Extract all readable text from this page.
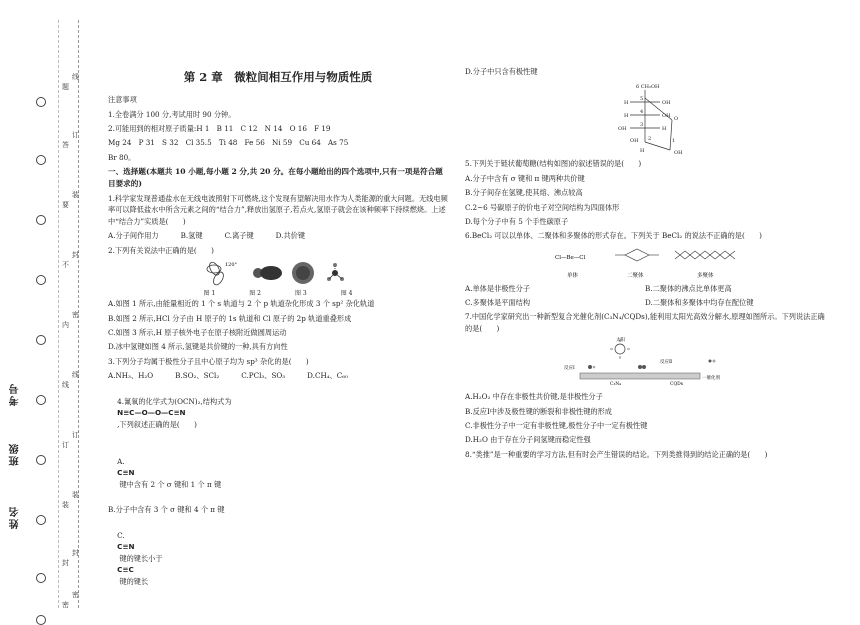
线
题
订
答
装
要
封
不
密
内
线
线
订
订
装
装
封
封
密
密
考号
班级
姓名
第 2 章　微粒间相互作用与物质性质
注意事项
1.全卷满分 100 分,考试用时 90 分钟。
2.可能用到的相对原子质量:H 1　B 11　C 12　N 14　O 16　F 19
Mg 24　P 31　S 32　Cl 35.5　Ti 48　Fe 56　Ni 59　Cu 64　As 75
Br 80。
一、选择题(本题共 10 小题,每小题 2 分,共 20 分。在每小题给出的四个选项中,只有一项是符合题目要求的)
1.科学家发现普通盐水在无线电波照射下可燃烧,这个发现有望解决用水作为人类能源的重大问题。无线电频率可以降低盐水中所含元素之间的“结合力”,释放出氢原子,若点火,氢原子就会在该种频率下持续燃烧。上述中“结合力”实质是(　　)
A.分子间作用力	B.氢键	C.离子键	D.共价键
2.下列有关说法中正确的是(　　)
120°
图 1	图 2	图 3	图 4
A.如图 1 所示,由能量相近的 1 个 s 轨道与 2 个 p 轨道杂化形成 3 个 sp² 杂化轨道
B.如图 2 所示,HCl 分子由 H 原子的 1s 轨道和 Cl 原子的 2p 轨道重叠形成
C.如图 3 所示,H 原子核外电子在原子核附近做圆周运动
D.冰中氢键如图 4 所示,氢键是共价键的一种,具有方向性
3.下列分子均属于极性分子且中心原子均为 sp³ 杂化的是(　　)
A.NH₃、H₂O	B.SO₂、SCl₂	C.PCl₃、SO₃	D.CH₄、C₆₀

4.氰氧的化学式为(OCN)₂,结构式为
N≡C—O—O—C≡N
,下列叙述正确的是(　　)

A.
C≡N
键中含有 2 个 σ 键和 1 个 π 键

B.分子中含有 3 个 σ 键和 4 个 π 键

C.
C≡N
键的键长小于
C≡C
键的键长

D.分子中只含有极性键
6 CH₂OH
H
5
OH
H
4
OH
OH
3
2	1
H
OH
H	OH
O
5.下列关于链状葡萄糖(结构如图)的叙述错误的是(　　)
A.分子中含有 σ 键和 π 键两种共价键
B.分子间存在氢键,使其熔、沸点较高
C.2~6 号碳原子的价电子对空间结构为四面体形
D.每个分子中有 5 个手性碳原子
6.BeCl₂ 可以以单体、二聚体和多聚体的形式存在。下列关于 BeCl₂ 的说法不正确的是(　　)
Cl—Be—Cl
单体	二聚体	多聚体
A.单体是非极性分子	B.二聚体的沸点比单体更高
C.多聚体是平面结构	D.二聚体和多聚体中均存在配位键
7.中国化学家研究出一种新型复合光催化剂(C₃N₄/CQDs),能利用太阳光高效分解水,原理如图所示。下列说法正确的是(　　)
太阳
反应Ⅰ
反应Ⅱ
C₃N₄	CQDs
一催化剂
A.H₂O₂ 中存在非极性共价键,是非极性分子
B.反应Ⅰ中涉及极性键的断裂和非极性键的形成
C.非极性分子中一定有非极性键,极性分子中一定有极性键
D.H₂O 由于存在分子间氢键而稳定性强
8.“类推”是一种重要的学习方法,但有时会产生错误的结论。下列类推得到的结论正确的是(　　)
